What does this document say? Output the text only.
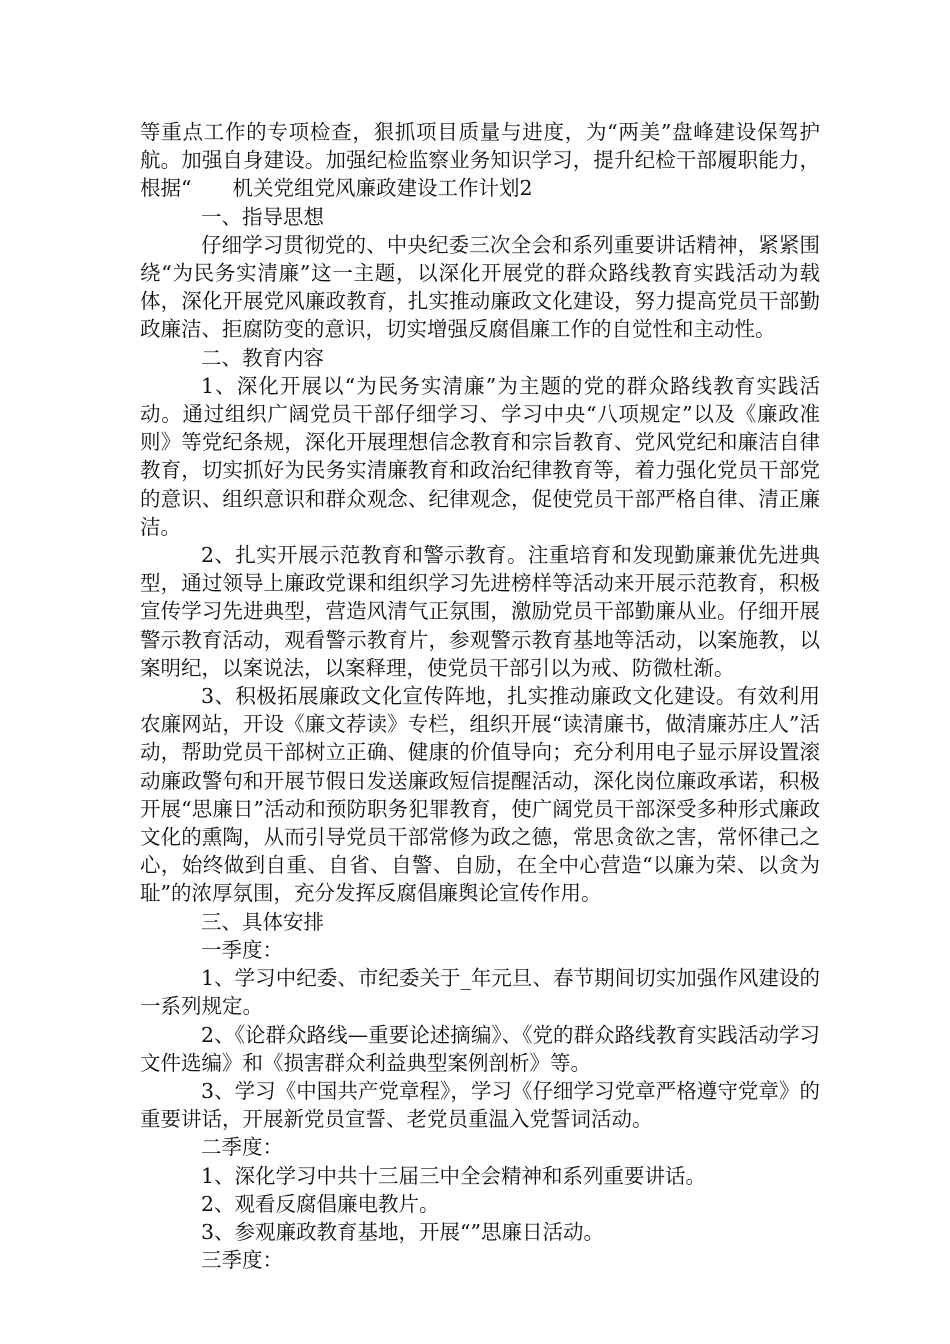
等重点工作的专项检查，狠抓项目质量与进度，为“两美”盘峰建设保驾护航。加强自身建设。加强纪检监察业务知识学习，提升纪检干部履职能力，根据“　　机关党组党风廉政建设工作计划2

一、指导思想

仔细学习贯彻党的、中央纪委三次全会和系列重要讲话精神，紧紧围绕“为民务实清廉”这一主题，以深化开展党的群众路线教育实践活动为载体，深化开展党风廉政教育，扎实推动廉政文化建设，努力提高党员干部勤政廉洁、拒腐防变的意识，切实增强反腐倡廉工作的自觉性和主动性。

二、教育内容

1、深化开展以“为民务实清廉”为主题的党的群众路线教育实践活动。通过组织广阔党员干部仔细学习、学习中央“八项规定”以及《廉政准则》等党纪条规，深化开展理想信念教育和宗旨教育、党风党纪和廉洁自律教育，切实抓好为民务实清廉教育和政治纪律教育等，着力强化党员干部党的意识、组织意识和群众观念、纪律观念，促使党员干部严格自律、清正廉洁。

2、扎实开展示范教育和警示教育。注重培育和发现勤廉兼优先进典型，通过领导上廉政党课和组织学习先进榜样等活动来开展示范教育，积极宣传学习先进典型，营造风清气正氛围，激励党员干部勤廉从业。仔细开展警示教育活动，观看警示教育片，参观警示教育基地等活动，以案施教，以案明纪，以案说法，以案释理，使党员干部引以为戒、防微杜渐。

3、积极拓展廉政文化宣传阵地，扎实推动廉政文化建设。有效利用农廉网站，开设《廉文荐读》专栏，组织开展“读清廉书，做清廉苏庄人”活动，帮助党员干部树立正确、健康的价值导向；充分利用电子显示屏设置滚动廉政警句和开展节假日发送廉政短信提醒活动，深化岗位廉政承诺，积极开展“思廉日”活动和预防职务犯罪教育，使广阔党员干部深受多种形式廉政文化的熏陶，从而引导党员干部常修为政之德，常思贪欲之害，常怀律己之心，始终做到自重、自省、自警、自励，在全中心营造“以廉为荣、以贪为耻”的浓厚氛围，充分发挥反腐倡廉舆论宣传作用。

三、具体安排

一季度：

1、学习中纪委、市纪委关于_年元旦、春节期间切实加强作风建设的一系列规定。

2、《论群众路线—重要论述摘编》、《党的群众路线教育实践活动学习文件选编》和《损害群众利益典型案例剖析》等。

3、学习《中国共产党章程》，学习《仔细学习党章严格遵守党章》的重要讲话，开展新党员宣誓、老党员重温入党誓词活动。

二季度：

1、深化学习中共十三届三中全会精神和系列重要讲话。

2、观看反腐倡廉电教片。

3、参观廉政教育基地，开展“”思廉日活动。

三季度：
